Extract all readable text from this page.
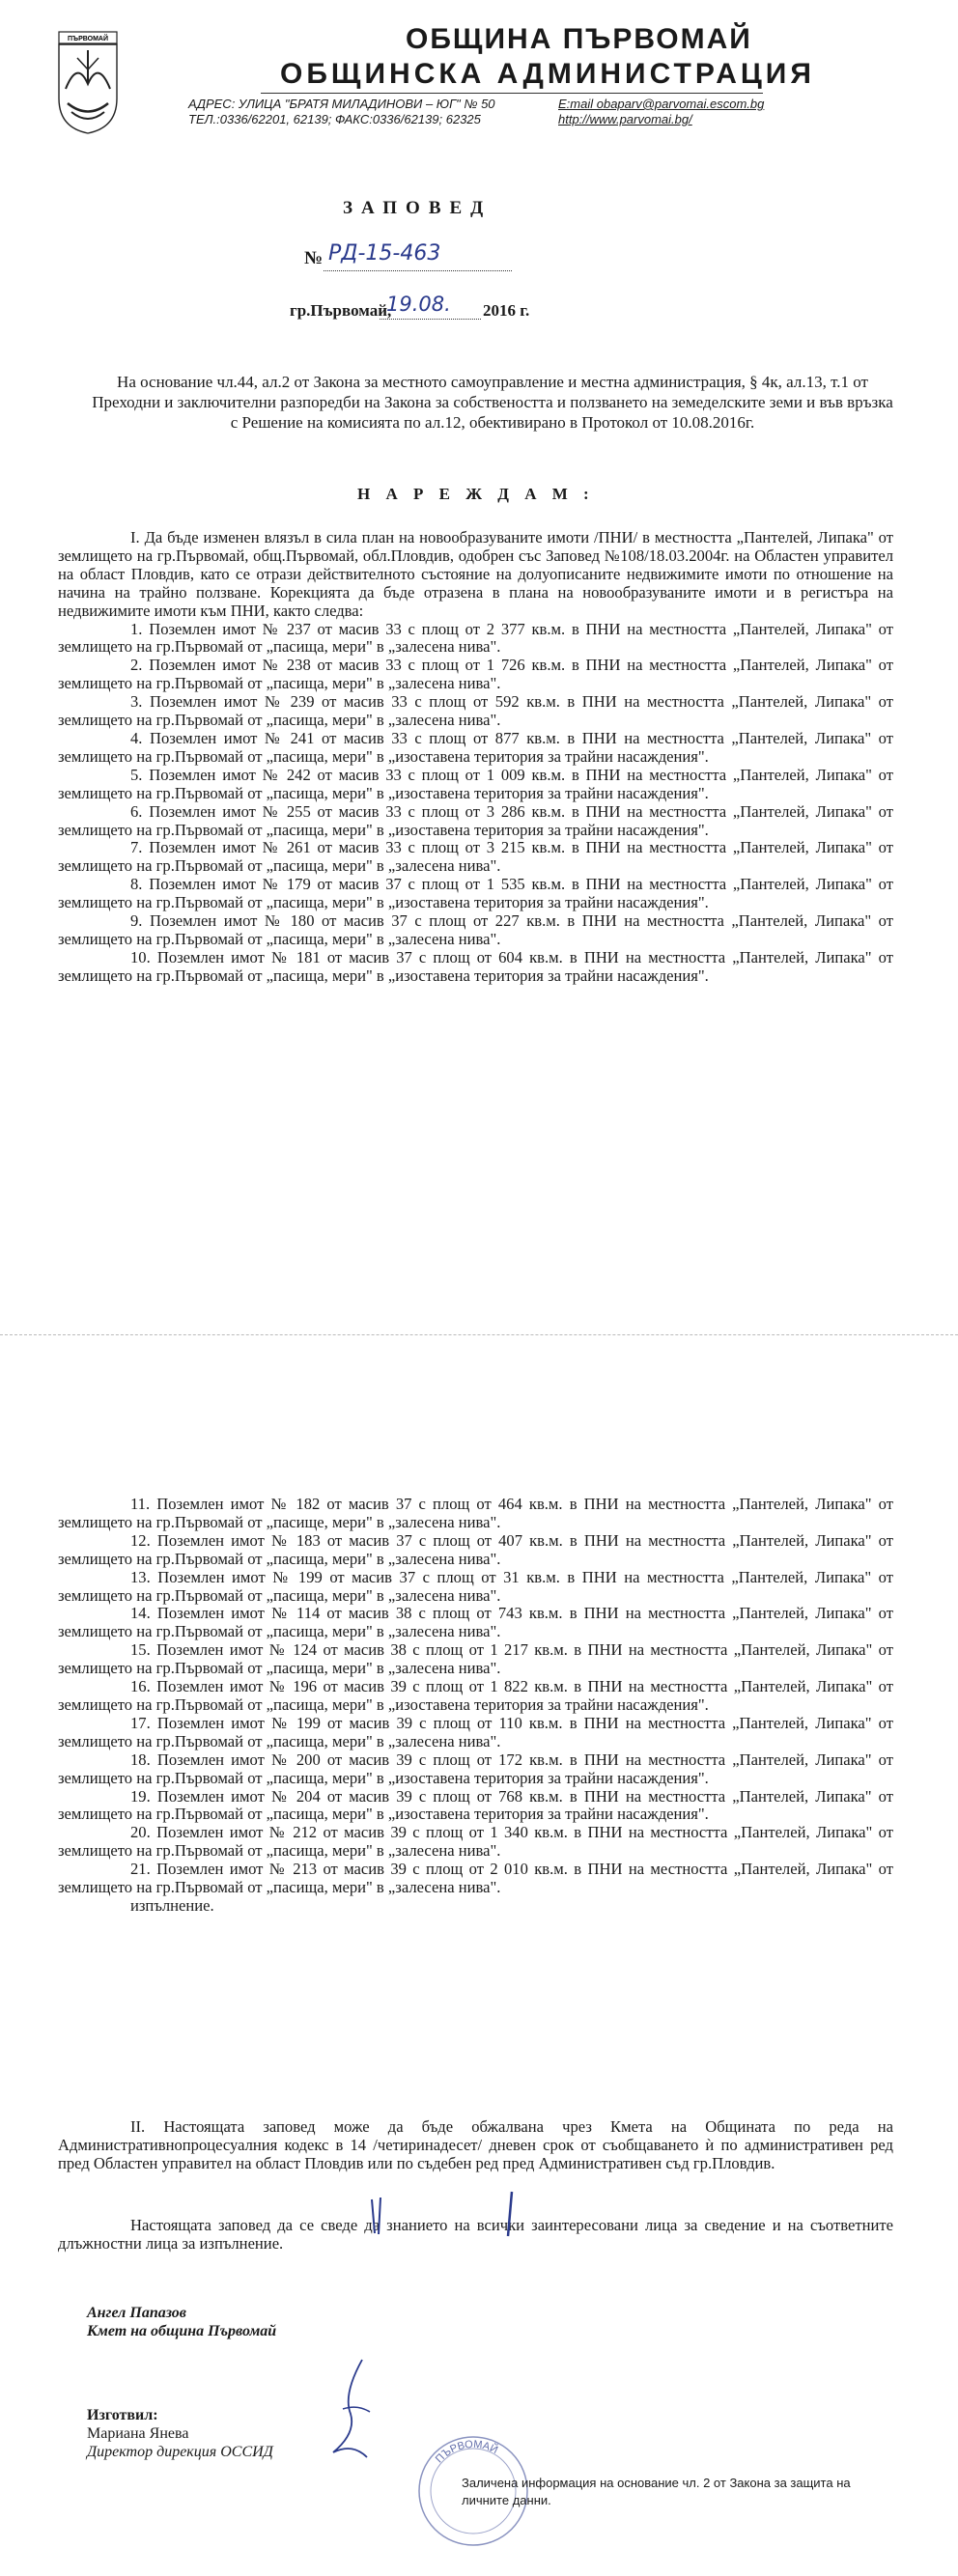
ПЪРВОМАЙ	ОБЩИНА ПЪРВОМАЙ
ОБЩИНСКА АДМИНИСТРАЦИЯ
АДРЕС: УЛИЦА "БРАТЯ МИЛАДИНОВИ – ЮГ" № 50
ТЕЛ.:0336/62201, 62139; ФАКС:0336/62139; 62325
E:mail obaparv@parvomai.escom.bg
http://www.parvomai.bg/
ЗАПОВЕД
№ РД-15-463
гр.Първомай,
19.08. 2016 г.
На основание чл.44, ал.2 от Закона за местното самоуправление и местна администрация, § 4к, ал.13, т.1 от Преходни и заключителни разпоредби на Закона за собствеността и ползването на земеделските земи и във връзка с Решение на комисията по ал.12, обективирано в Протокол от 10.08.2016г.
Н А Р Е Ж Д А М :

I. Да бъде изменен влязъл в сила план на новообразуваните имоти /ПНИ/ в местността „Пантелей, Липака" от землището на гр.Първомай, общ.Първомай, обл.Пловдив, одобрен със Заповед №108/18.03.2004г. на Областен управител на област Пловдив, като се отрази действителното състояние на долуописаните недвижимите имоти по отношение на начина на трайно ползване. Корекцията да бъде отразена в плана на новообразуваните имоти и в регистъра на недвижимите имоти към ПНИ, както следва:

1. Поземлен имот № 237 от масив 33 с площ от 2 377 кв.м. в ПНИ на местността „Пантелей, Липака" от землището на гр.Първомай от „пасища, мери" в „залесена нива".

2. Поземлен имот № 238 от масив 33 с площ от 1 726 кв.м. в ПНИ на местността „Пантелей, Липака" от землището на гр.Първомай от „пасища, мери" в „залесена нива".

3. Поземлен имот № 239 от масив 33 с площ от 592 кв.м. в ПНИ на местността „Пантелей, Липака" от землището на гр.Първомай от „пасища, мери" в „залесена нива".

4. Поземлен имот № 241 от масив 33 с площ от 877 кв.м. в ПНИ на местността „Пантелей, Липака" от землището на гр.Първомай от „пасища, мери" в „изоставена територия за трайни насаждения".

5. Поземлен имот № 242 от масив 33 с площ от 1 009 кв.м. в ПНИ на местността „Пантелей, Липака" от землището на гр.Първомай от „пасища, мери" в „изоставена територия за трайни насаждения".

6. Поземлен имот № 255 от масив 33 с площ от 3 286 кв.м. в ПНИ на местността „Пантелей, Липака" от землището на гр.Първомай от „пасища, мери" в „изоставена територия за трайни насаждения".

7. Поземлен имот № 261 от масив 33 с площ от 3 215 кв.м. в ПНИ на местността „Пантелей, Липака" от землището на гр.Първомай от „пасища, мери" в „залесена нива".

8. Поземлен имот № 179 от масив 37 с площ от 1 535 кв.м. в ПНИ на местността „Пантелей, Липака" от землището на гр.Първомай от „пасища, мери" в „изоставена територия за трайни насаждения".

9. Поземлен имот № 180 от масив 37 с площ от 227 кв.м. в ПНИ на местността „Пантелей, Липака" от землището на гр.Първомай от „пасища, мери" в „залесена нива".

10. Поземлен имот № 181 от масив 37 с площ от 604 кв.м. в ПНИ на местността „Пантелей, Липака" от землището на гр.Първомай от „пасища, мери" в „изоставена територия за трайни насаждения".

11. Поземлен имот № 182 от масив 37 с площ от 464 кв.м. в ПНИ на местността „Пантелей, Липака" от землището на гр.Първомай от „пасище, мери" в „залесена нива".

12. Поземлен имот № 183 от масив 37 с площ от 407 кв.м. в ПНИ на местността „Пантелей, Липака" от землището на гр.Първомай от „пасища, мери" в „залесена нива".

13. Поземлен имот № 199 от масив 37 с площ от 31 кв.м. в ПНИ на местността „Пантелей, Липака" от землището на гр.Първомай от „пасища, мери" в „залесена нива".

14. Поземлен имот № 114 от масив 38 с площ от 743 кв.м. в ПНИ на местността „Пантелей, Липака" от землището на гр.Първомай от „пасища, мери" в „залесена нива".

15. Поземлен имот № 124 от масив 38 с площ от 1 217 кв.м. в ПНИ на местността „Пантелей, Липака" от землището на гр.Първомай от „пасища, мери" в „залесена нива".

16. Поземлен имот № 196 от масив 39 с площ от 1 822 кв.м. в ПНИ на местността „Пантелей, Липака" от землището на гр.Първомай от „пасища, мери" в „изоставена територия за трайни насаждения".

17. Поземлен имот № 199 от масив 39 с площ от 110 кв.м. в ПНИ на местността „Пантелей, Липака" от землището на гр.Първомай от „пасища, мери" в „залесена нива".

18. Поземлен имот № 200 от масив 39 с площ от 172 кв.м. в ПНИ на местността „Пантелей, Липака" от землището на гр.Първомай от „пасища, мери" в „изоставена територия за трайни насаждения".

19. Поземлен имот № 204 от масив 39 с площ от 768 кв.м. в ПНИ на местността „Пантелей, Липака" от землището на гр.Първомай от „пасища, мери" в „изоставена територия за трайни насаждения".

20. Поземлен имот № 212 от масив 39 с площ от 1 340 кв.м. в ПНИ на местността „Пантелей, Липака" от землището на гр.Първомай от „пасища, мери" в „залесена нива".

21. Поземлен имот № 213 от масив 39 с площ от 2 010 кв.м. в ПНИ на местността „Пантелей, Липака" от землището на гр.Първомай от „пасища, мери" в „залесена нива".

изпълнение.

II. Настоящата заповед може да бъде обжалвана чрез Кмета на Общината по реда на Административнопроцесуалния кодекс в 14 /четиринадесет/ дневен срок от съобщаването ѝ по административен ред пред Областен управител на област Пловдив или по съдебен ред пред Административен съд гр.Пловдив.
Настоящата заповед да се сведе да знанието на всички заинтересовани лица за сведение и на съответните длъжностни лица за изпълнение.
Ангел Папазов
Кмет на община Първомай
ПЪРВОМАЙ
Изготвил:
Мариана Янева
Директор дирекция ОССИД
Заличена информация на основание чл. 2 от Закона за защита на личните данни.
